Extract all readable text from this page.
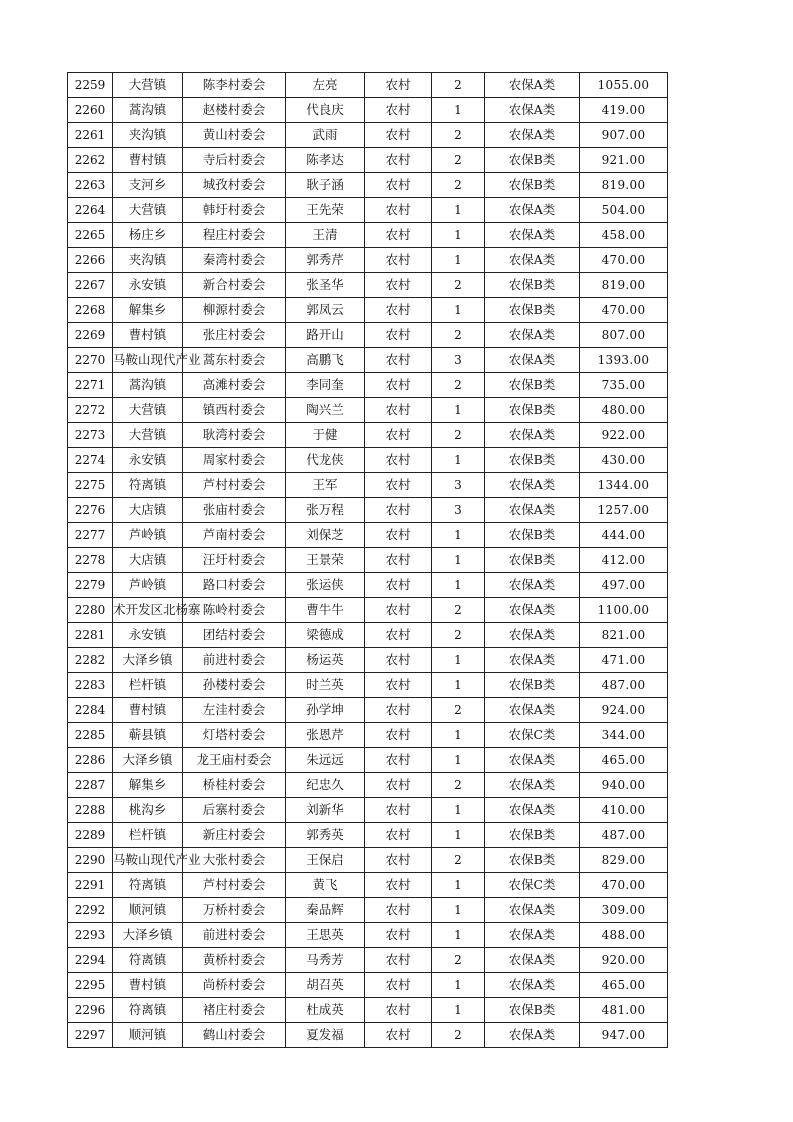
2259	大营镇	陈李村委会	左亮	农村	2	农保A类	1055.00
2260	蒿沟镇	赵楼村委会	代良庆	农村	1	农保A类	419.00
2261	夹沟镇	黄山村委会	武雨	农村	2	农保A类	907.00
2262	曹村镇	寺后村委会	陈孝达	农村	2	农保B类	921.00
2263	支河乡	城孜村委会	耿子涵	农村	2	农保B类	819.00
2264	大营镇	韩圩村委会	王先荣	农村	1	农保A类	504.00
2265	杨庄乡	程庄村委会	王清	农村	1	农保A类	458.00
2266	夹沟镇	秦湾村委会	郭秀芹	农村	1	农保A类	470.00
2267	永安镇	新合村委会	张圣华	农村	2	农保B类	819.00
2268	解集乡	柳源村委会	郭凤云	农村	1	农保B类	470.00
2269	曹村镇	张庄村委会	路开山	农村	2	农保A类	807.00
2270	马鞍山现代产业	蒿东村委会	高鹏飞	农村	3	农保A类	1393.00
2271	蒿沟镇	高滩村委会	李同奎	农村	2	农保B类	735.00
2272	大营镇	镇西村委会	陶兴兰	农村	1	农保B类	480.00
2273	大营镇	耿湾村委会	于健	农村	2	农保A类	922.00
2274	永安镇	周家村委会	代龙侠	农村	1	农保B类	430.00
2275	符离镇	芦村村委会	王军	农村	3	农保A类	1344.00
2276	大店镇	张庙村委会	张万程	农村	3	农保A类	1257.00
2277	芦岭镇	芦南村委会	刘保芝	农村	1	农保B类	444.00
2278	大店镇	汪圩村委会	王景荣	农村	1	农保B类	412.00
2279	芦岭镇	路口村委会	张运侠	农村	1	农保A类	497.00
2280	术开发区北杨寨	陈岭村委会	曹牛牛	农村	2	农保A类	1100.00
2281	永安镇	团结村委会	梁德成	农村	2	农保A类	821.00
2282	大泽乡镇	前进村委会	杨运英	农村	1	农保A类	471.00
2283	栏杆镇	孙楼村委会	时兰英	农村	1	农保B类	487.00
2284	曹村镇	左洼村委会	孙学坤	农村	2	农保A类	924.00
2285	蕲县镇	灯塔村委会	张恩芹	农村	1	农保C类	344.00
2286	大泽乡镇	龙王庙村委会	朱远远	农村	1	农保A类	465.00
2287	解集乡	桥桂村委会	纪忠久	农村	2	农保A类	940.00
2288	桃沟乡	后寨村委会	刘新华	农村	1	农保A类	410.00
2289	栏杆镇	新庄村委会	郭秀英	农村	1	农保B类	487.00
2290	马鞍山现代产业	大张村委会	王保启	农村	2	农保B类	829.00
2291	符离镇	芦村村委会	黄飞	农村	1	农保C类	470.00
2292	顺河镇	万桥村委会	秦品辉	农村	1	农保A类	309.00
2293	大泽乡镇	前进村委会	王思英	农村	1	农保A类	488.00
2294	符离镇	黄桥村委会	马秀芳	农村	2	农保A类	920.00
2295	曹村镇	尚桥村委会	胡召英	农村	1	农保A类	465.00
2296	符离镇	褚庄村委会	杜成英	农村	1	农保B类	481.00
2297	顺河镇	鹤山村委会	夏发福	农村	2	农保A类	947.00
